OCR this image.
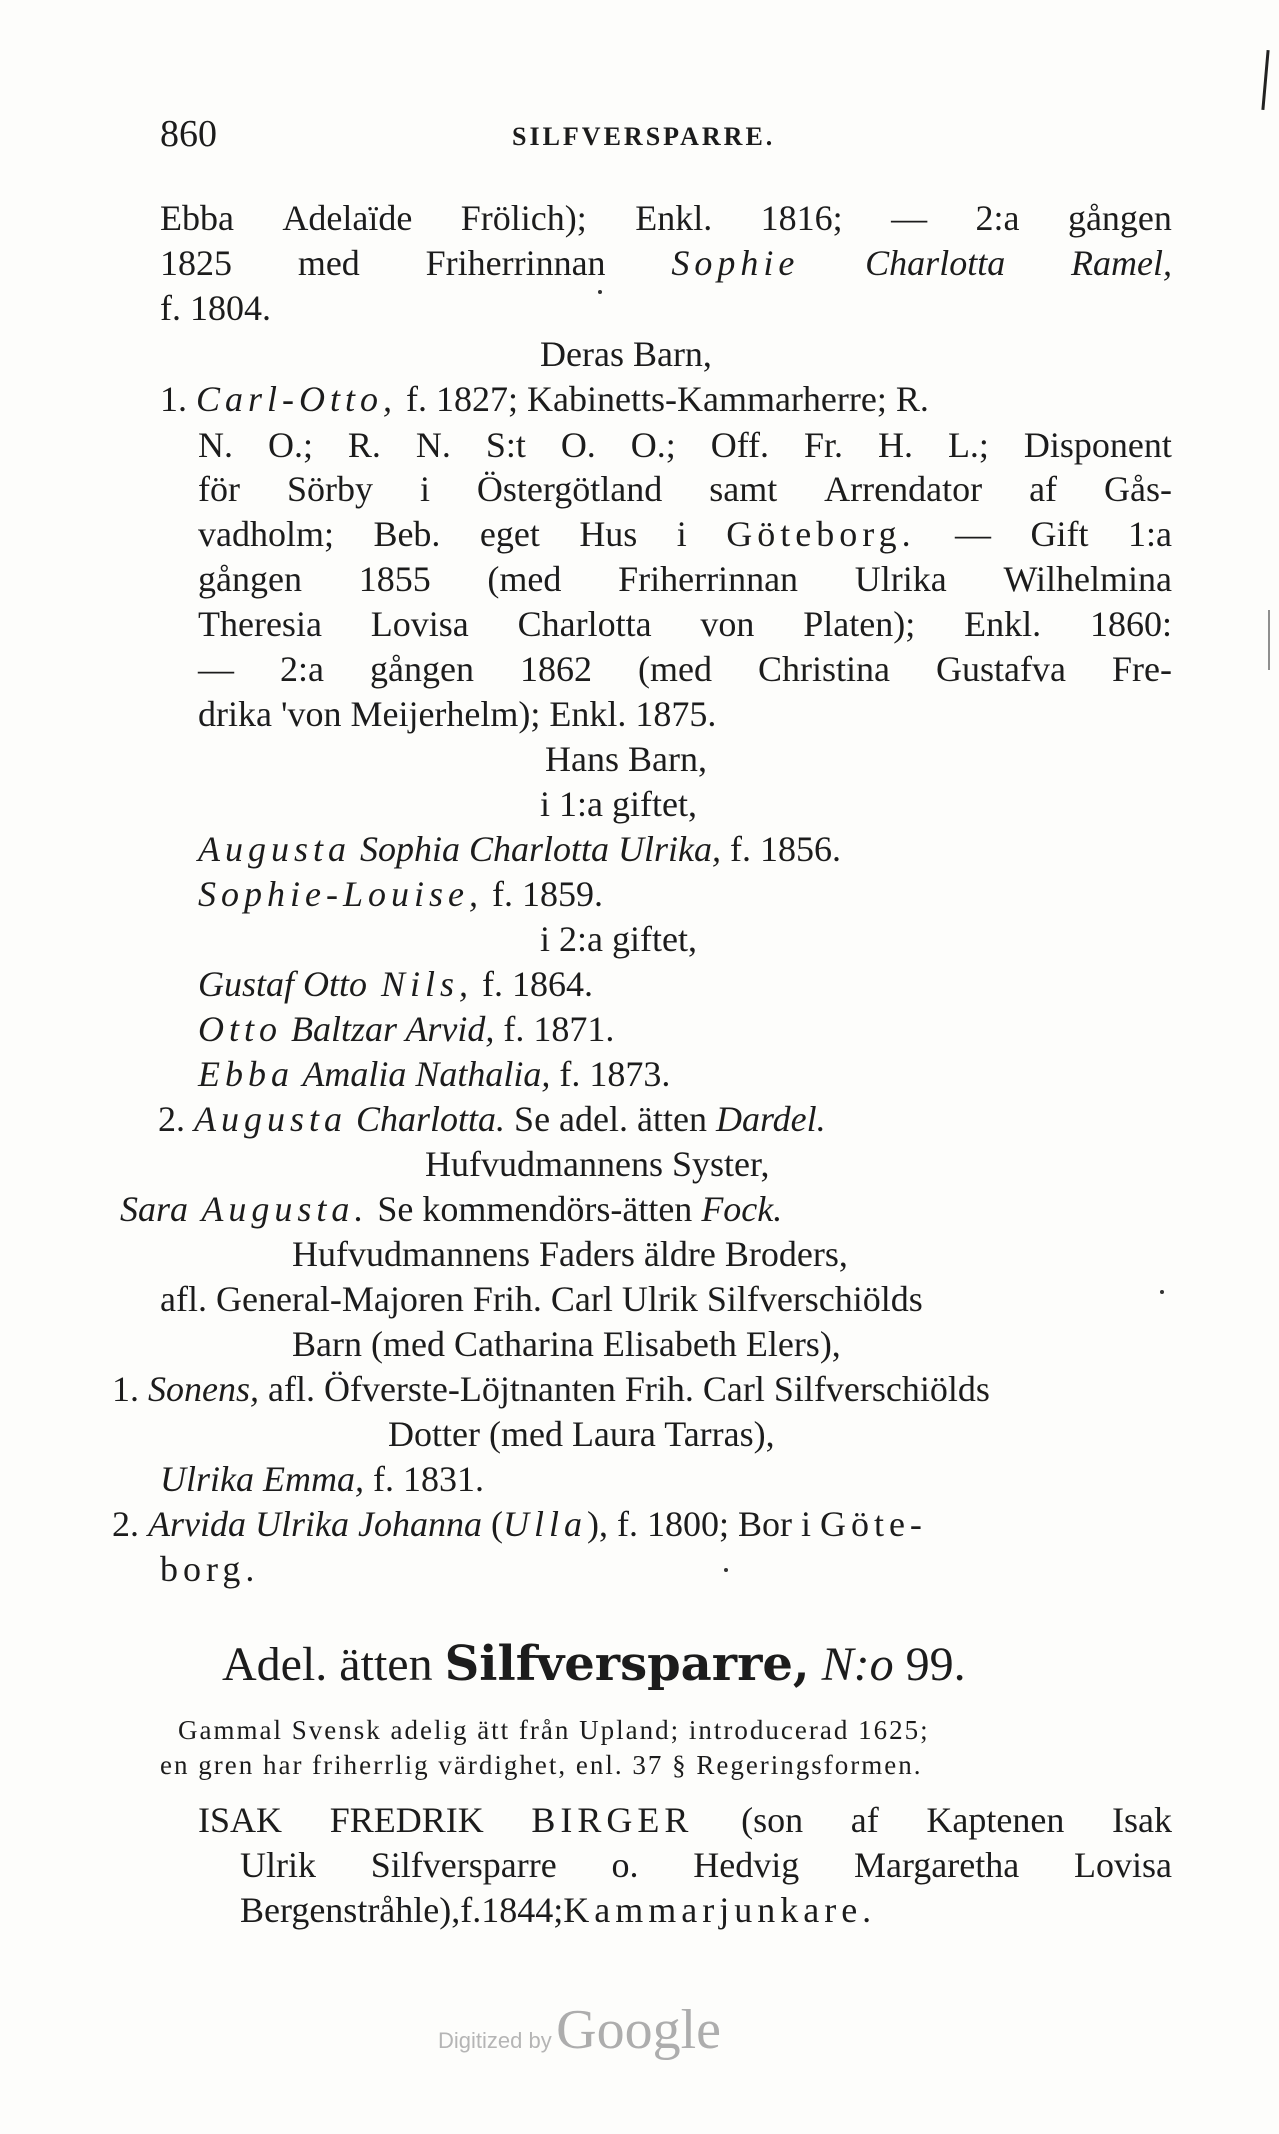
860	SILFVERSPARRE.
Ebba Adelaïde Frölich); Enkl. 1816; — 2:a gången
1825 med Friherrinnan Sophie Charlotta Ramel,
f. 1804.
Deras Barn,
1. Carl-Otto, f. 1827; Kabinetts-Kammarherre; R.
N. O.; R. N. S:t O. O.; Off. Fr. H. L.; Disponent
för Sörby i Östergötland samt Arrendator af Gås-
vadholm; Beb. eget Hus i Göteborg. — Gift 1:a
gången 1855 (med Friherrinnan Ulrika Wilhelmina
Theresia Lovisa Charlotta von Platen); Enkl. 1860:
— 2:a gången 1862 (med Christina Gustafva Fre-
drika 'von Meijerhelm); Enkl. 1875.
Hans Barn,
i 1:a giftet,
Augusta Sophia Charlotta Ulrika, f. 1856.
Sophie-Louise, f. 1859.
i 2:a giftet,
Gustaf Otto Nils, f. 1864.
Otto Baltzar Arvid, f. 1871.
Ebba Amalia Nathalia, f. 1873.
2. Augusta Charlotta. Se adel. ätten Dardel.
Hufvudmannens Syster,
Sara Augusta. Se kommendörs-ätten Fock.
Hufvudmannens Faders äldre Broders,
afl. General-Majoren Frih. Carl Ulrik Silfverschiölds
Barn (med Catharina Elisabeth Elers),
1. Sonens, afl. Öfverste-Löjtnanten Frih. Carl Silfverschiölds
Dotter (med Laura Tarras),
Ulrika Emma, f. 1831.
2. Arvida Ulrika Johanna (Ulla), f. 1800; Bor i Göte-
borg.
Adel. ätten Silfversparre, N:o 99.
Gammal Svensk adelig ätt från Upland; introducerad 1625;
en gren har friherrlig värdighet, enl. 37 § Regeringsformen.
ISAK FREDRIK BIRGER (son af Kaptenen Isak
Ulrik Silfversparre o. Hedvig Margaretha Lovisa
Bergenstråhle),f.1844;Kammarjunkare.
Digitized by Google
